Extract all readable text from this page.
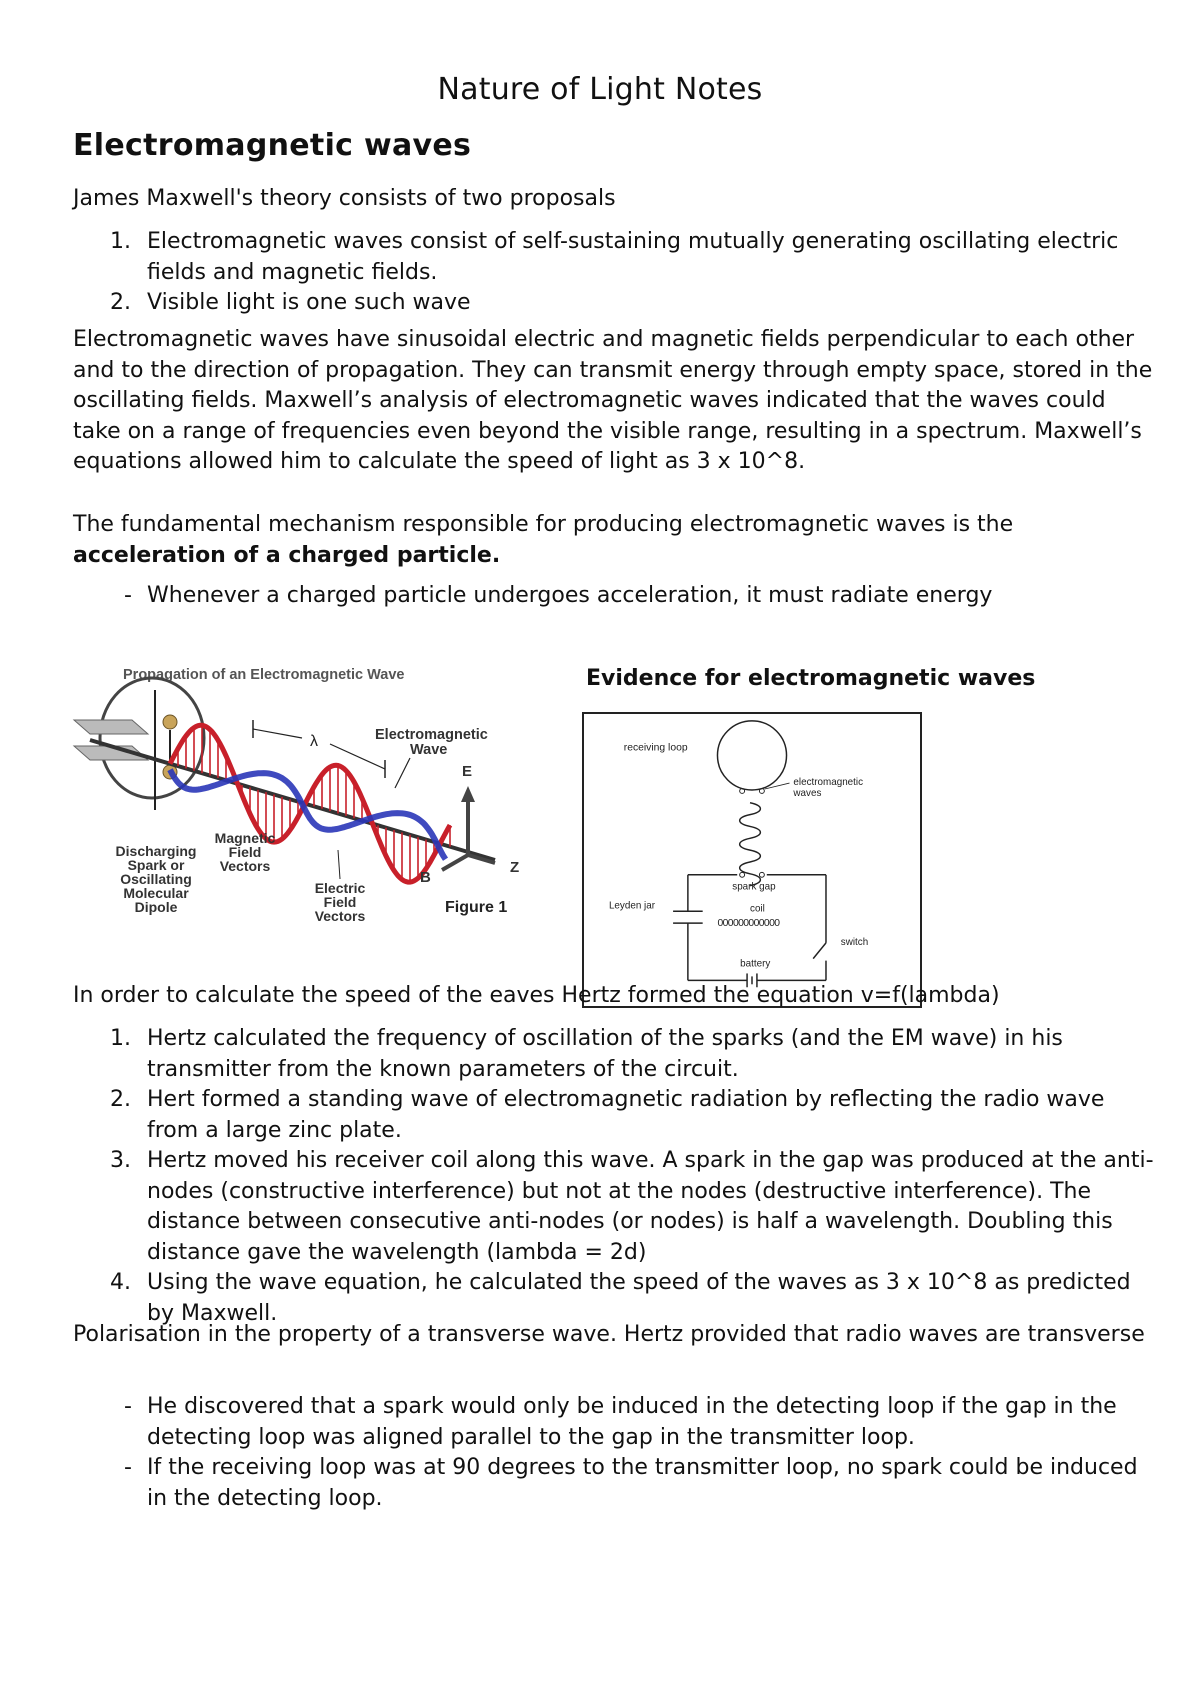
Nature of Light Notes
Electromagnetic waves
James Maxwell's theory consists of two proposals
1. Electromagnetic waves consist of self-sustaining mutually generating oscillating electric fields and magnetic fields.
2. Visible light is one such wave
Electromagnetic waves have sinusoidal electric and magnetic fields perpendicular to each other and to the direction of propagation. They can transmit energy through empty space, stored in the oscillating fields. Maxwell’s analysis of electromagnetic waves indicated that the waves could take on a range of frequencies even beyond the visible range, resulting in a spectrum. Maxwell’s equations allowed him to calculate the speed of light as 3 x 10^8.
The fundamental mechanism responsible for producing electromagnetic waves is the acceleration of a charged particle.
- Whenever a charged particle undergoes acceleration, it must radiate energy
Propagation of an Electromagnetic Wave
λ	Electromagnetic
Wave
E
B
Z
Discharging
Spark or
Oscillating
Molecular
Dipole
Magnetic
Field
Vectors
Electric
Field
Vectors	Figure 1
Evidence for electromagnetic waves
receiving loop
electromagnetic
waves
spark gap
Leyden jar	coil
000000000000
switch
battery
In order to calculate the speed of the eaves Hertz formed the equation v=f(lambda)
1. Hertz calculated the frequency of oscillation of the sparks (and the EM wave) in his transmitter from the known parameters of the circuit.
2. Hert formed a standing wave of electromagnetic radiation by reflecting the radio wave from a large zinc plate.
3. Hertz moved his receiver coil along this wave. A spark in the gap was produced at the anti-nodes (constructive interference) but not at the nodes (destructive interference). The distance between consecutive anti-nodes (or nodes) is half a wavelength. Doubling this distance gave the wavelength (lambda = 2d)
4. Using the wave equation, he calculated the speed of the waves as 3 x 10^8 as predicted by Maxwell.
Polarisation in the property of a transverse wave. Hertz provided that radio waves are transverse
- He discovered that a spark would only be induced in the detecting loop if the gap in the detecting loop was aligned parallel to the gap in the transmitter loop.
- If the receiving loop was at 90 degrees to the transmitter loop, no spark could be induced in the detecting loop.
